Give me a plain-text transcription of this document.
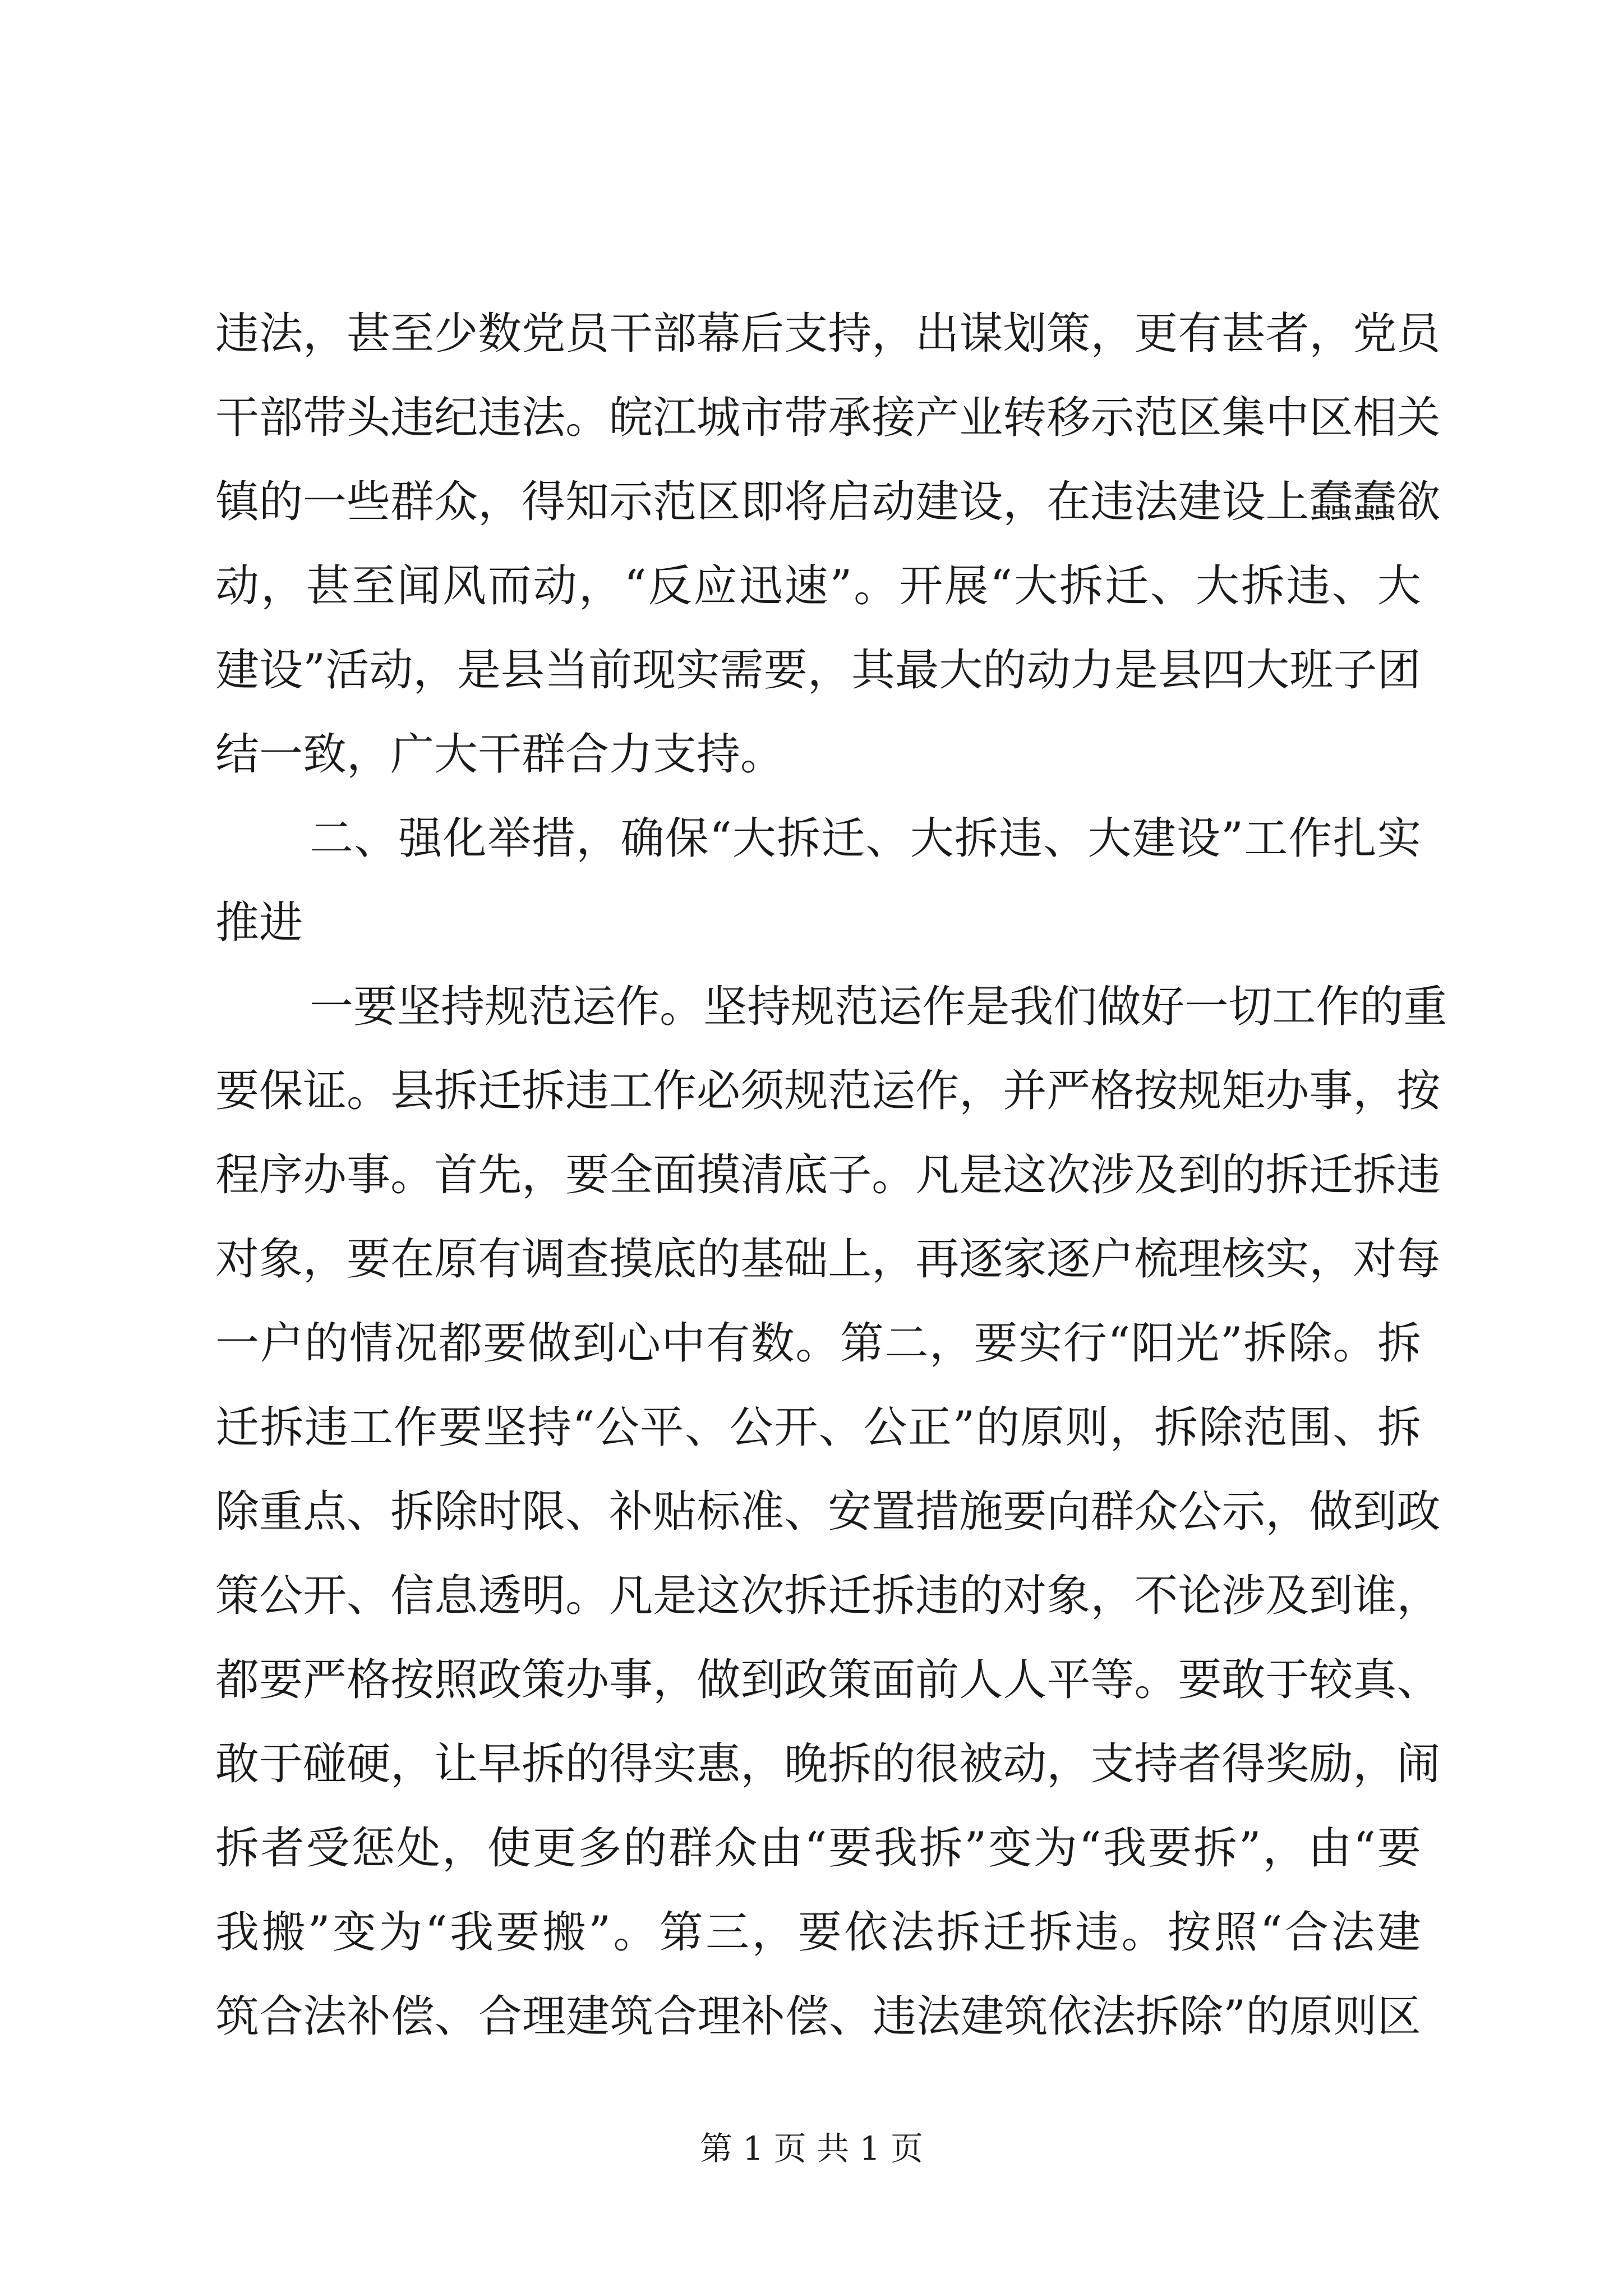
违 法 ， 甚 至 少 数 党 员 干 部 幕 后 支 持 ， 出 谋 划 策 ， 更 有 甚 者 ， 党 员
干 部 带 头 违 纪 违 法 。 皖 江 城 市 带 承 接 产 业 转 移 示 范 区 集 中 区 相 关
镇 的 一 些 群 众 ， 得 知 示 范 区 即 将 启 动 建 设 ， 在 违 法 建 设 上 蠢 蠢 欲
动 ， 甚 至 闻 风 而 动 ， “ 反 应 迅 速 ” 。 开 展 “ 大 拆 迁 、 大 拆 违 、 大
建 设 ” 活 动 ， 是 县 当 前 现 实 需 要 ， 其 最 大 的 动 力 是 县 四 大 班 子 团
结一致，广大干群合力支持。
二 、 强 化 举 措 ， 确 保 “ 大 拆 迁 、 大 拆 违 、 大 建 设 ” 工 作 扎 实
推进
一 要 坚 持 规 范 运 作 。 坚 持 规 范 运 作 是 我 们 做 好 一 切 工 作 的 重
要 保 证 。 县 拆 迁 拆 违 工 作 必 须 规 范 运 作 ， 并 严 格 按 规 矩 办 事 ， 按
程 序 办 事 。 首 先 ， 要 全 面 摸 清 底 子 。 凡 是 这 次 涉 及 到 的 拆 迁 拆 违
对 象 ， 要 在 原 有 调 查 摸 底 的 基 础 上 ， 再 逐 家 逐 户 梳 理 核 实 ， 对 每
一 户 的 情 况 都 要 做 到 心 中 有 数 。 第 二 ， 要 实 行 “ 阳 光 ” 拆 除 。 拆
迁 拆 违 工 作 要 坚 持 “ 公 平 、 公 开 、 公 正 ” 的 原 则 ， 拆 除 范 围 、 拆
除 重 点 、 拆 除 时 限 、 补 贴 标 准 、 安 置 措 施 要 向 群 众 公 示 ， 做 到 政
策 公 开 、 信 息 透 明 。 凡 是 这 次 拆 迁 拆 违 的 对 象 ， 不 论 涉 及 到 谁 ，
都 要 严 格 按 照 政 策 办 事 ， 做 到 政 策 面 前 人 人 平 等 。 要 敢 于 较 真 、
敢 于 碰 硬 ， 让 早 拆 的 得 实 惠 ， 晚 拆 的 很 被 动 ， 支 持 者 得 奖 励 ， 闹
拆 者 受 惩 处 ， 使 更 多 的 群 众 由 “ 要 我 拆 ” 变 为 “ 我 要 拆 ” ， 由 “ 要
我 搬 ” 变 为 “ 我 要 搬 ” 。 第 三 ， 要 依 法 拆 迁 拆 违 。 按 照 “ 合 法 建
筑 合 法 补 偿 、 合 理 建 筑 合 理 补 偿 、 违 法 建 筑 依 法 拆 除 ” 的 原 则 区
第 1 页 共 1 页
